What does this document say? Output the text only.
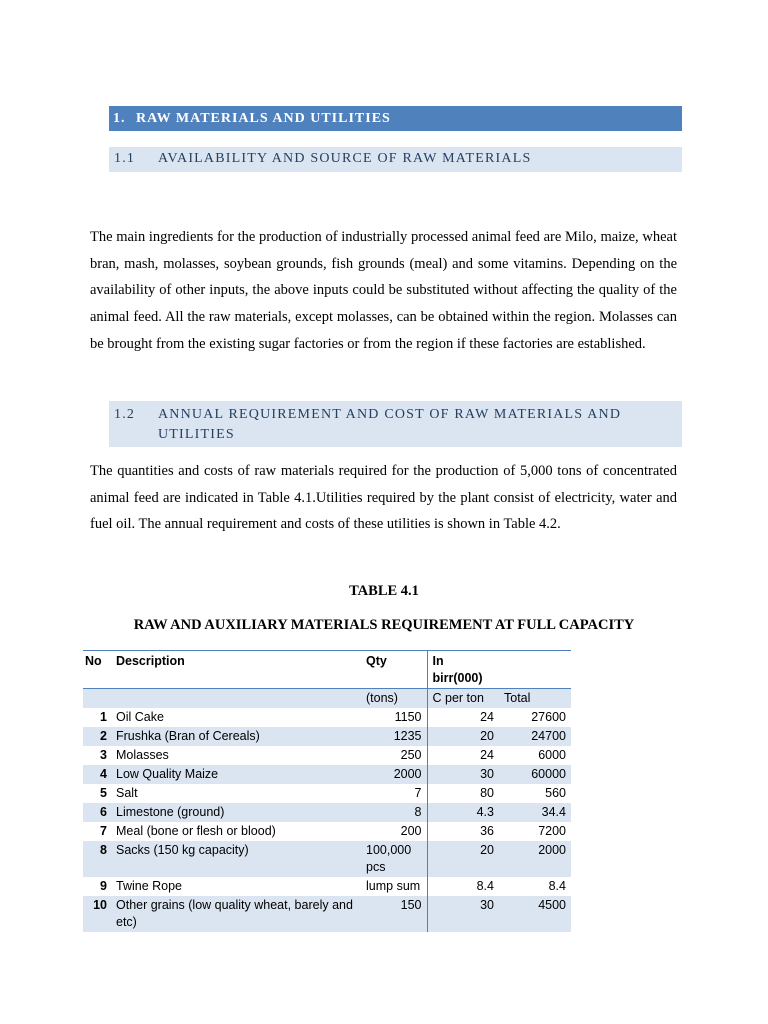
1. RAW MATERIALS AND UTILITIES
1.1 AVAILABILITY AND SOURCE OF RAW MATERIALS
The main ingredients for the production of industrially processed animal feed are Milo, maize, wheat bran, mash, molasses, soybean grounds, fish grounds (meal) and some vitamins. Depending on the availability of other inputs, the above inputs could be substituted without affecting the quality of the animal feed. All the raw materials, except molasses, can be obtained within the region. Molasses can be brought from the existing sugar factories or from the region if these factories are established.
1.2 ANNUAL REQUIREMENT AND COST OF RAW MATERIALS AND UTILITIES
The quantities and costs of raw materials required for the production of 5,000 tons of concentrated animal feed are indicated in Table 4.1.Utilities required by the plant consist of electricity, water and fuel oil. The annual requirement and costs of these utilities is shown in Table 4.2.
TABLE 4.1
RAW AND AUXILIARY MATERIALS REQUIREMENT AT FULL CAPACITY
No	Description	Qty	In birr(000)	

		(tons)	C per ton	Total
1	Oil Cake	1150	24	27600
2	Frushka (Bran of Cereals)	1235	20	24700
3	Molasses	250	24	6000
4	Low Quality Maize	2000	30	60000
5	Salt	7	80	560
6	Limestone (ground)	8	4.3	34.4
7	Meal (bone or flesh or blood)	200	36	7200
8	Sacks (150 kg capacity)	100,000 pcs	20	2000
9	Twine Rope	lump sum	8.4	8.4
10	Other grains (low quality wheat, barely and etc)	150	30	4500
